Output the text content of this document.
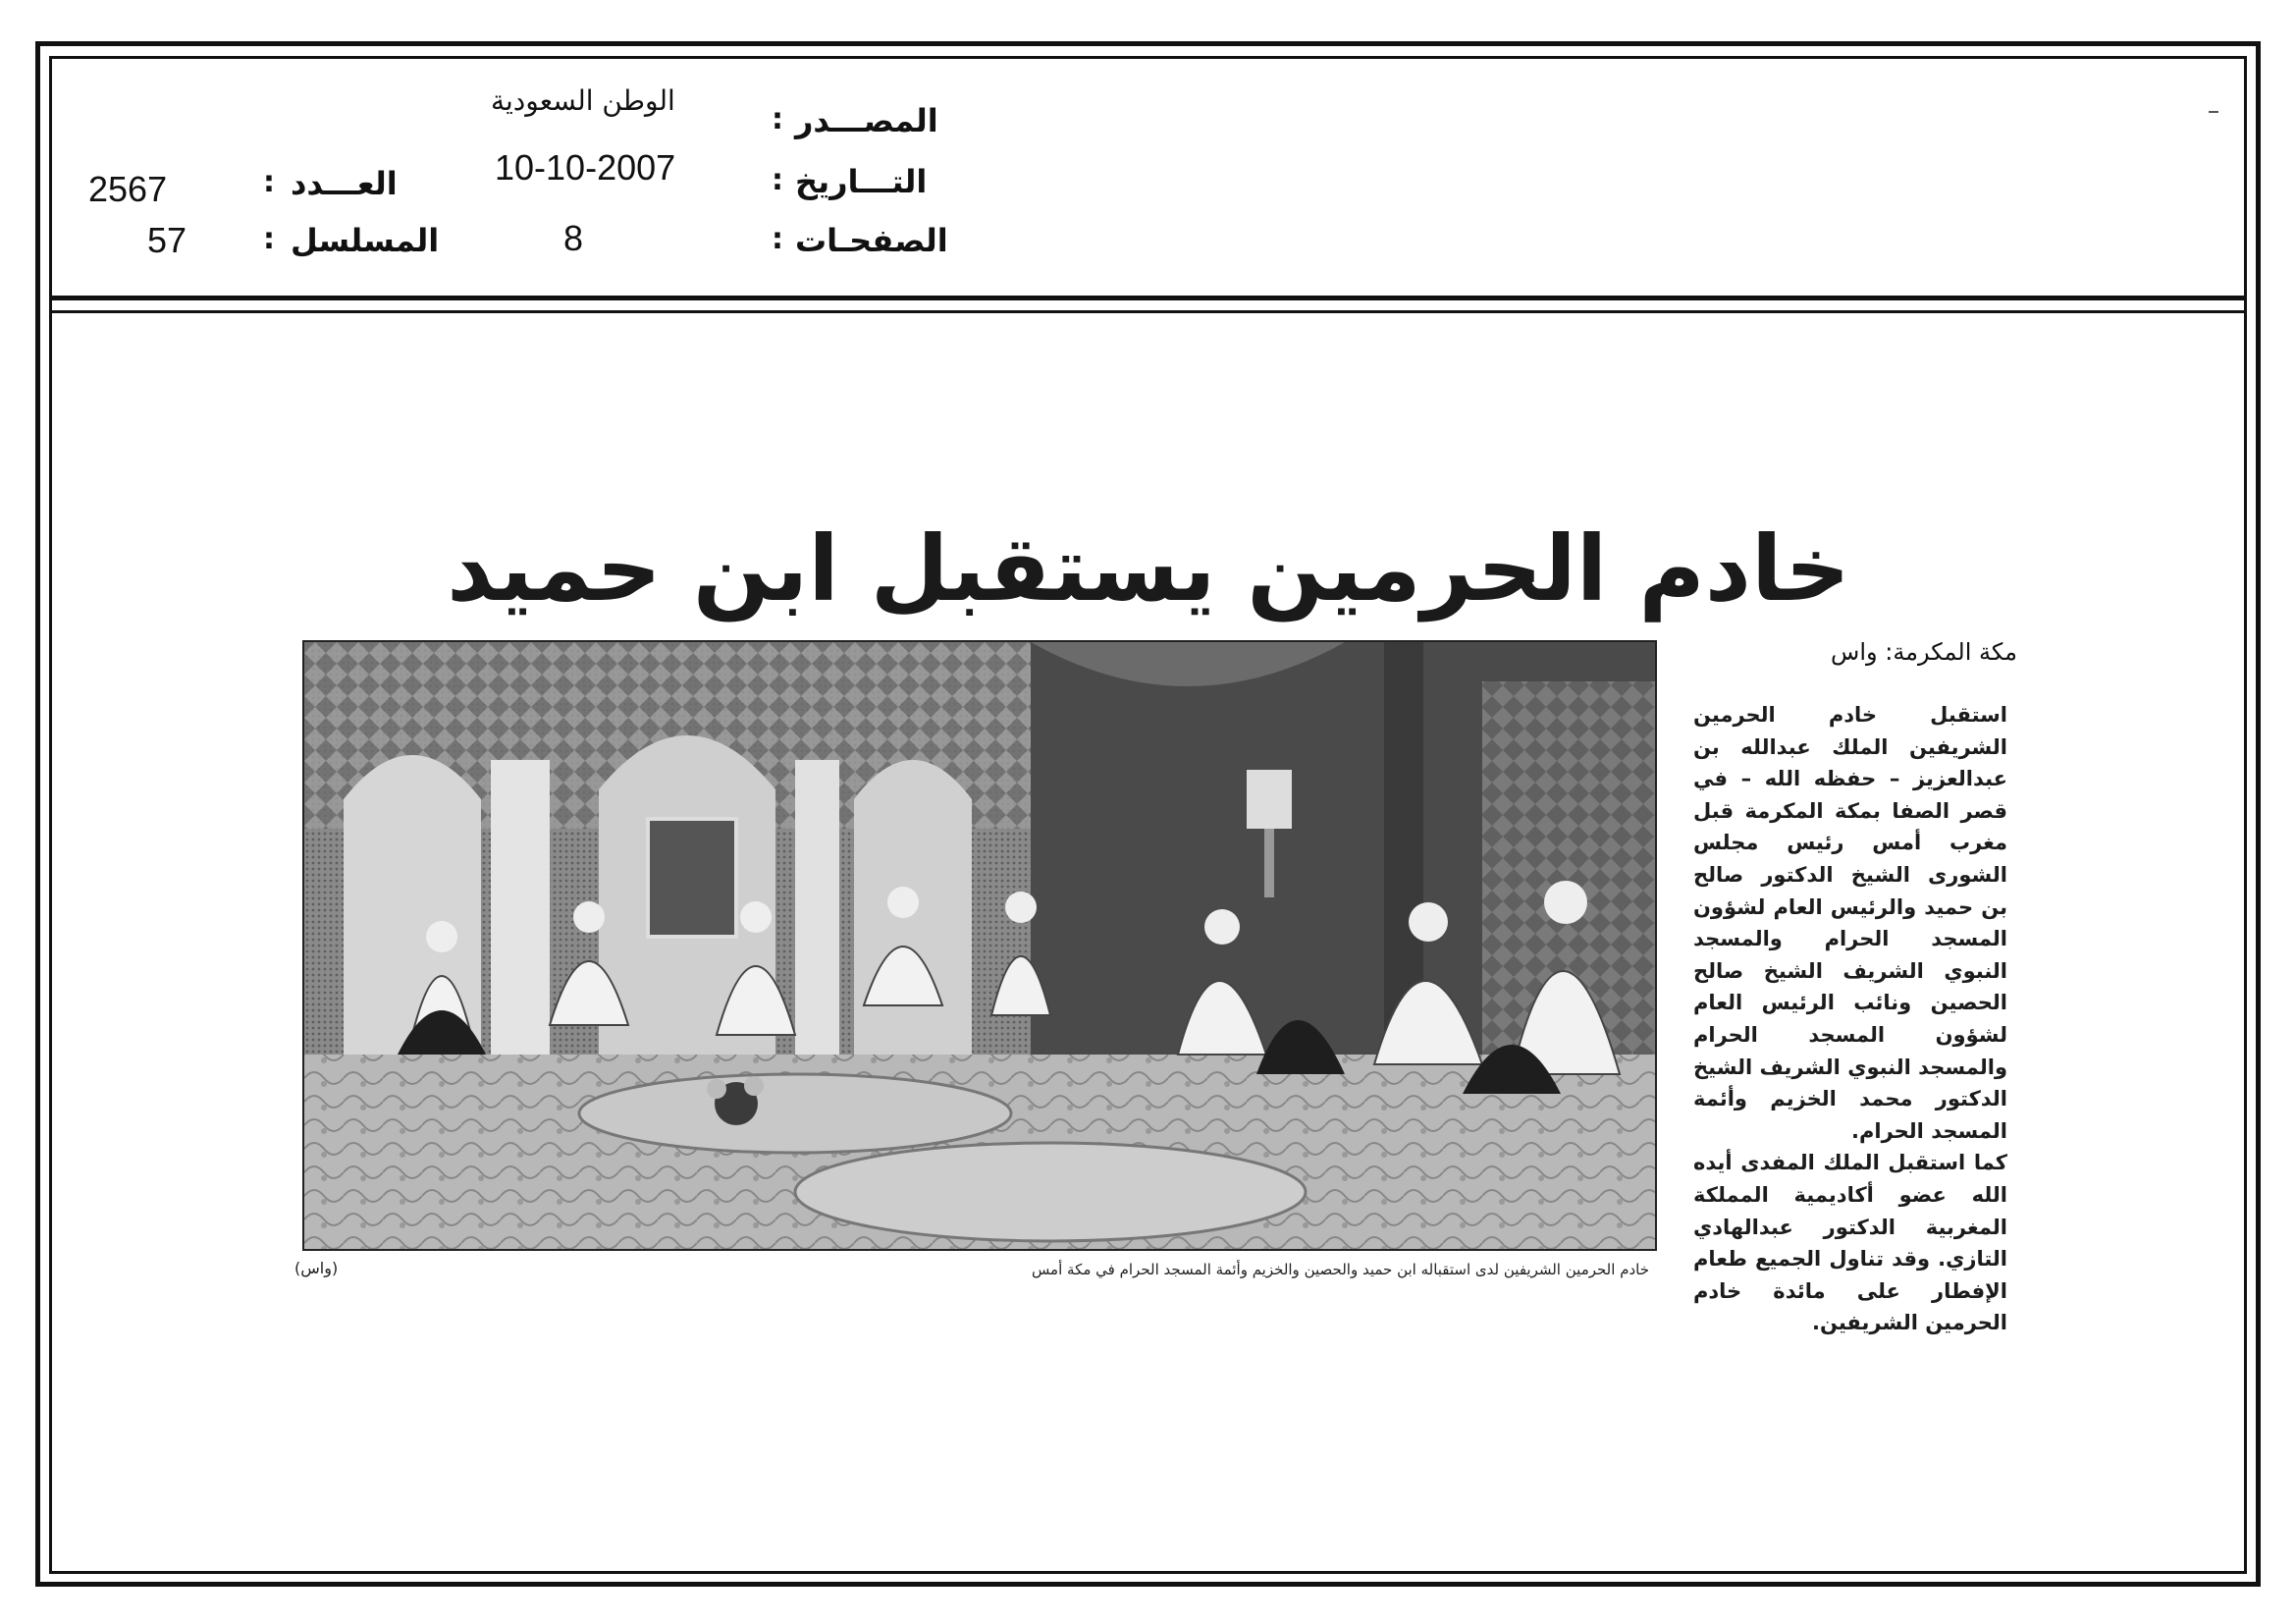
المصـــدر
:
الوطن السعودية
التـــاريخ
:
10-10-2007
الصفحـات
:
8
العـــدد
:
2567
المسلسل
:
57
خادم الحرمين يستقبل ابن حميد
مكة المكرمة: واس

استقبل خادم الحرمين الشريفين الملك عبدالله بن عبدالعزيز – حفظه الله – في قصر الصفا بمكة المكرمة قبل مغرب أمس رئيس مجلس الشورى الشيخ الدكتور صالح بن حميد والرئيس العام لشؤون المسجد الحرام والمسجد النبوي الشريف الشيخ صالح الحصين ونائب الرئيس العام لشؤون المسجد الحرام والمسجد النبوي الشريف الشيخ الدكتور محمد الخزيم وأئمة المسجد الحرام.

كما استقبل الملك المفدى أيده الله عضو أكاديمية المملكة المغربية الدكتور عبدالهادي التازي. وقد تناول الجميع طعام الإفطار على مائدة خادم الحرمين الشريفين.

خادم الحرمين الشريفين لدى استقباله ابن حميد والحصين والخزيم وأئمة المسجد الحرام في مكة أمس
(واس)
